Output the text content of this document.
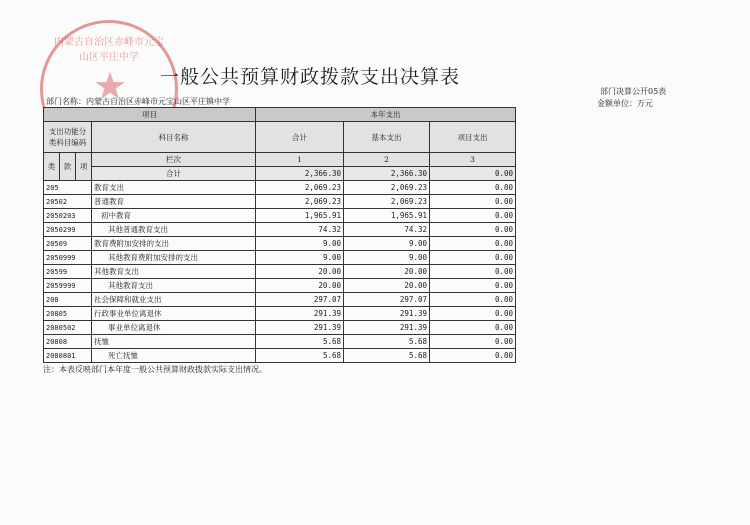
内蒙古自治区赤峰市元宝山区平庄中学
★ 一般公共预算财政拨款支出决算表
部门决算公开05表
部门名称：内蒙古自治区赤峰市元宝山区平庄镇中学	金额单位：万元
项目				本年支出		
支出功能分类科目编码			科目名称	合计	基本支出	项目支出

类	款	项	栏次	1	2	3
			合计	2,366.30	2,366.30	0.00
205			教育支出	2,069.23	2,069.23	0.00
20502			普通教育	2,069.23	2,069.23	0.00
2050203			初中教育	1,965.91	1,965.91	0.00
2050299			其他普通教育支出	74.32	74.32	0.00
20509			教育费附加安排的支出	9.00	9.00	0.00
2050999			其他教育费附加安排的支出	9.00	9.00	0.00
20599			其他教育支出	20.00	20.00	0.00
2059999			其他教育支出	20.00	20.00	0.00
208			社会保障和就业支出	297.07	297.07	0.00
20805			行政事业单位离退休	291.39	291.39	0.00
2080502			事业单位离退休	291.39	291.39	0.00
20808			抚恤	5.68	5.68	0.00
2080801			死亡抚恤	5.68	5.68	0.00
注：本表反映部门本年度一般公共预算财政拨款实际支出情况。
